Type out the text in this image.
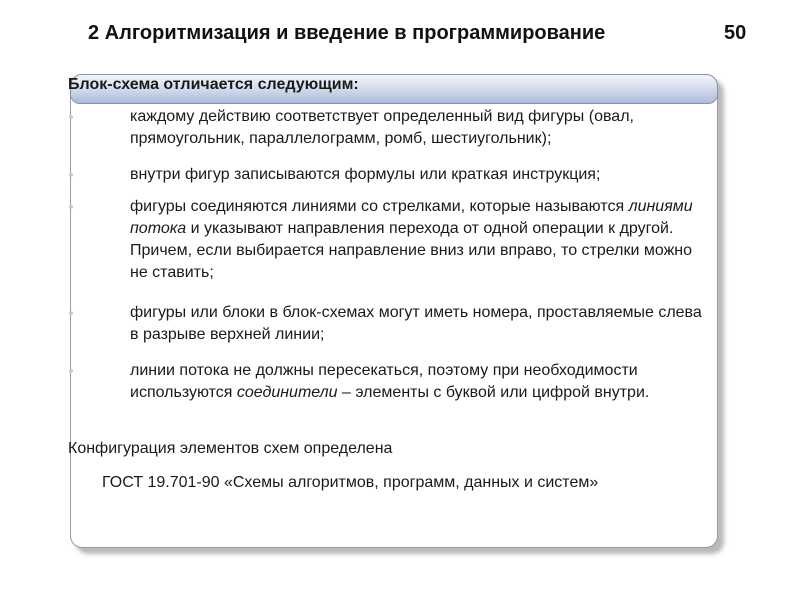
2 Алгоритмизация и введение в программирование	50
Блок-схема отличается следующим:
каждому действию соответствует определенный вид фигуры (овал, прямоугольник, параллелограмм, ромб, шестиугольник);
внутри фигур записываются формулы или краткая инструкция;
фигуры соединяются линиями со стрелками, которые называются линиями потока и указывают направления перехода от одной операции к другой. Причем, если выбирается направление вниз или вправо, то стрелки можно не ставить;
фигуры или блоки в блок-схемах могут иметь номера, проставляемые слева в разрыве верхней линии;
линии потока не должны пересекаться, поэтому при необходимости используются соединители – элементы с буквой или цифрой внутри.
Конфигурация элементов схем определена
ГОСТ 19.701-90 «Схемы алгоритмов, программ, данных и систем»
